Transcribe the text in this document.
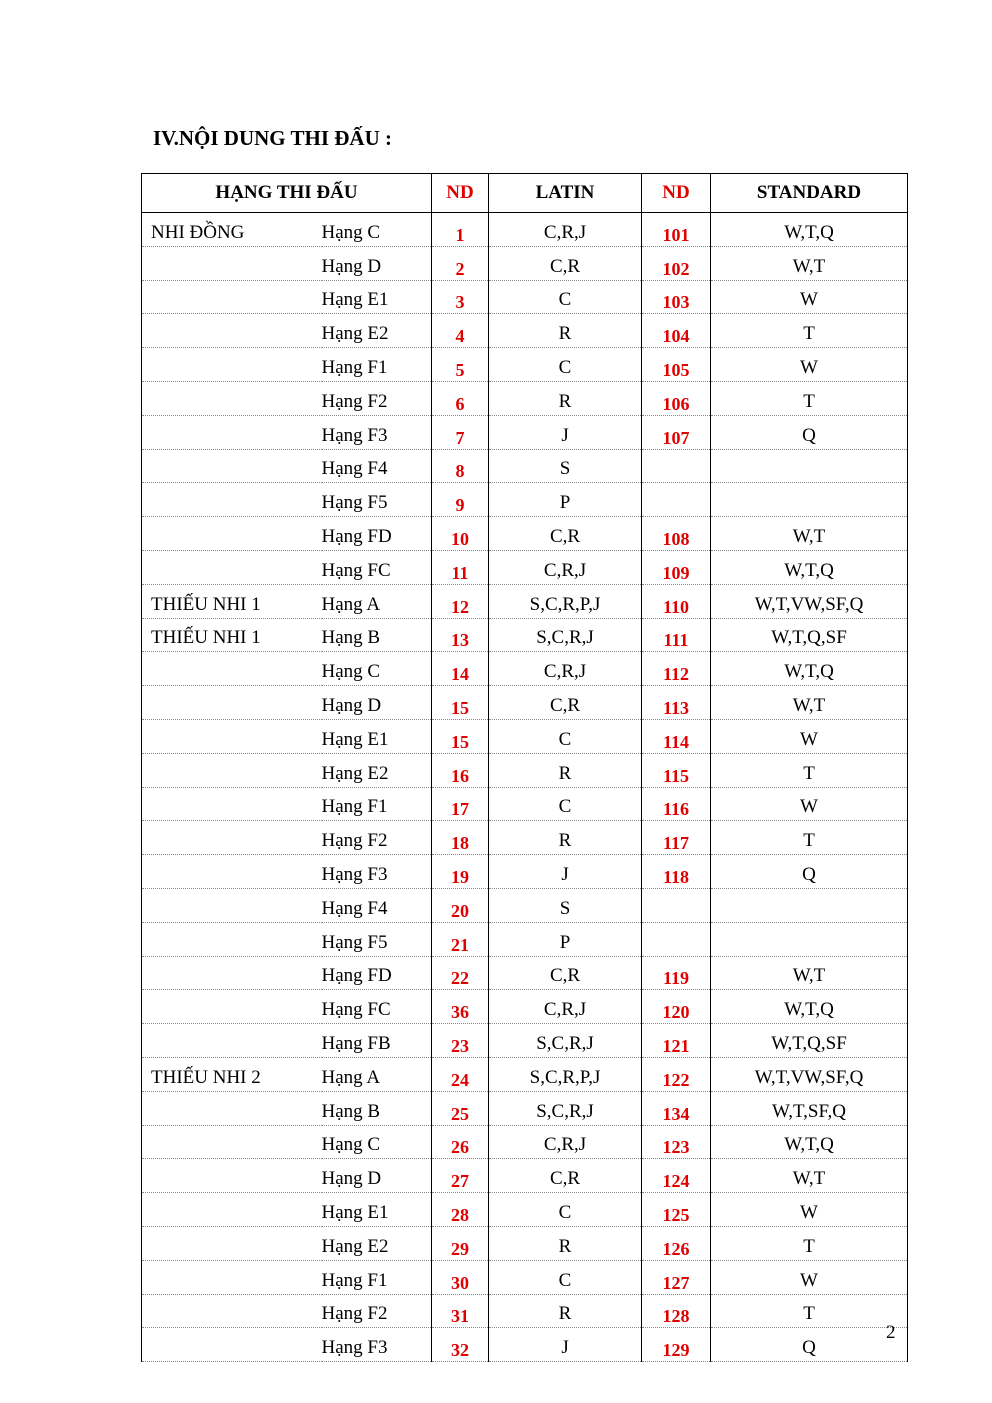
IV.NỘI DUNG THI ĐẤU :
HẠNG THI ĐẤU		ND	LATIN	ND	STANDARD
NHI ĐỒNG	Hạng C	1	C,R,J	101	W,T,Q
	Hạng D	2	C,R	102	W,T
	Hạng E1	3	C	103	W
	Hạng E2	4	R	104	T
	Hạng F1	5	C	105	W
	Hạng F2	6	R	106	T
	Hạng F3	7	J	107	Q
	Hạng F4	8	S		
	Hạng F5	9	P		
	Hạng FD	10	C,R	108	W,T
	Hạng FC	11	C,R,J	109	W,T,Q
THIẾU NHI 1	Hạng A	12	S,C,R,P,J	110	W,T,VW,SF,Q
THIẾU NHI 1	Hạng B	13	S,C,R,J	111	W,T,Q,SF
	Hạng C	14	C,R,J	112	W,T,Q
	Hạng D	15	C,R	113	W,T
	Hạng E1	15	C	114	W
	Hạng E2	16	R	115	T
	Hạng F1	17	C	116	W
	Hạng F2	18	R	117	T
	Hạng F3	19	J	118	Q
	Hạng F4	20	S		
	Hạng F5	21	P		
	Hạng FD	22	C,R	119	W,T
	Hạng FC	36	C,R,J	120	W,T,Q
	Hạng FB	23	S,C,R,J	121	W,T,Q,SF
THIẾU NHI 2	Hạng A	24	S,C,R,P,J	122	W,T,VW,SF,Q
	Hạng B	25	S,C,R,J	134	W,T,SF,Q
	Hạng C	26	C,R,J	123	W,T,Q
	Hạng D	27	C,R	124	W,T
	Hạng E1	28	C	125	W
	Hạng E2	29	R	126	T
	Hạng F1	30	C	127	W
	Hạng F2	31	R	128	T
	Hạng F3	32	J	129	Q
2
